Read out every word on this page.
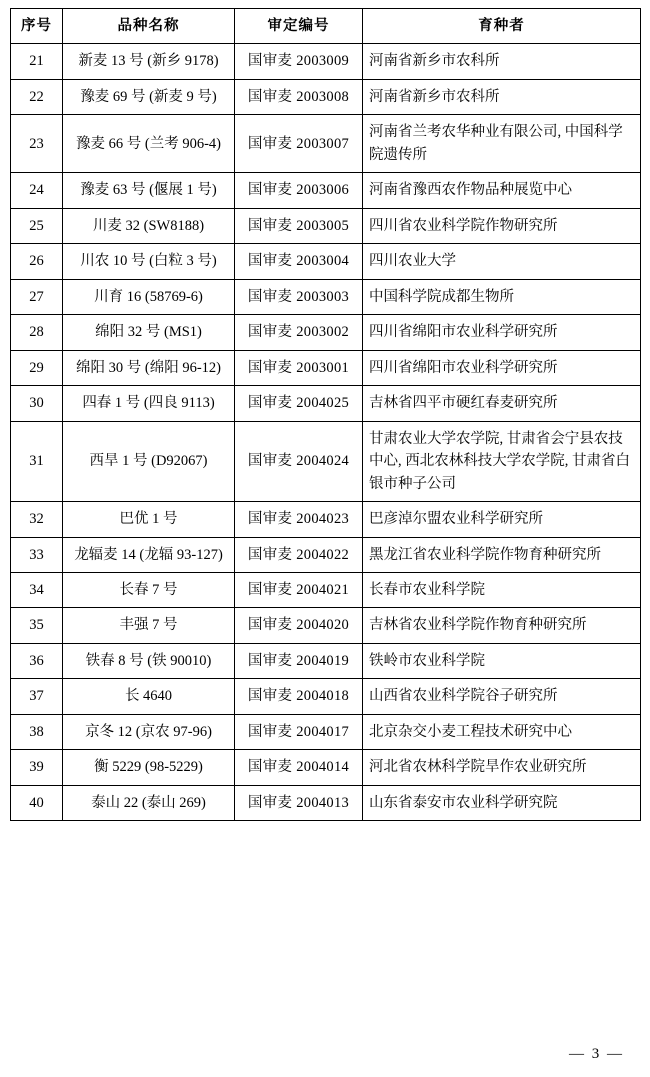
序号	品种名称	审定编号	育种者
21	新麦 13 号 (新乡 9178)	国审麦 2003009	河南省新乡市农科所
22	豫麦 69 号 (新麦 9 号)	国审麦 2003008	河南省新乡市农科所
23	豫麦 66 号 (兰考 906-4)	国审麦 2003007	河南省兰考农华种业有限公司, 中国科学院遗传所
24	豫麦 63 号 (偃展 1 号)	国审麦 2003006	河南省豫西农作物品种展览中心
25	川麦 32 (SW8188)	国审麦 2003005	四川省农业科学院作物研究所
26	川农 10 号 (白粒 3 号)	国审麦 2003004	四川农业大学
27	川育 16 (58769-6)	国审麦 2003003	中国科学院成都生物所
28	绵阳 32 号 (MS1)	国审麦 2003002	四川省绵阳市农业科学研究所
29	绵阳 30 号 (绵阳 96-12)	国审麦 2003001	四川省绵阳市农业科学研究所
30	四春 1 号 (四良 9113)	国审麦 2004025	吉林省四平市硬红春麦研究所
31	西旱 1 号 (D92067)	国审麦 2004024	甘肃农业大学农学院, 甘肃省会宁县农技中心, 西北农林科技大学农学院, 甘肃省白银市种子公司
32	巴优 1 号	国审麦 2004023	巴彦淖尔盟农业科学研究所
33	龙辐麦 14 (龙辐 93-127)	国审麦 2004022	黑龙江省农业科学院作物育种研究所
34	长春 7 号	国审麦 2004021	长春市农业科学院
35	丰强 7 号	国审麦 2004020	吉林省农业科学院作物育种研究所
36	铁春 8 号 (铁 90010)	国审麦 2004019	铁岭市农业科学院
37	长 4640	国审麦 2004018	山西省农业科学院谷子研究所
38	京冬 12 (京农 97-96)	国审麦 2004017	北京杂交小麦工程技术研究中心
39	衡 5229 (98-5229)	国审麦 2004014	河北省农林科学院旱作农业研究所
40	泰山 22 (泰山 269)	国审麦 2004013	山东省泰安市农业科学研究院
— 3 —
